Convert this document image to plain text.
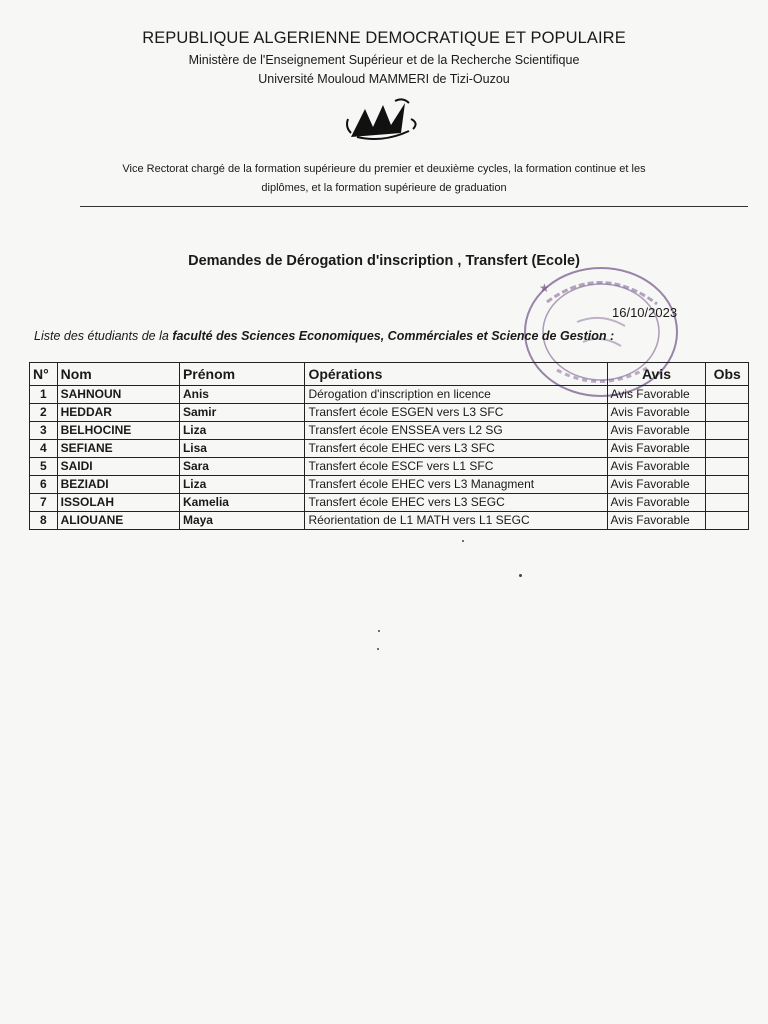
REPUBLIQUE ALGERIENNE DEMOCRATIQUE ET POPULAIRE
Ministère de l'Enseignement Supérieur et de la Recherche Scientifique
Université Mouloud MAMMERI de Tizi-Ouzou
Vice Rectorat chargé de la formation supérieure du premier et deuxième cycles, la formation continue et les
diplômes, et la formation supérieure de graduation
Demandes de Dérogation d'inscription , Transfert (Ecole)
★
16/10/2023
Liste des étudiants de la faculté des Sciences Economiques, Commérciales et Science de Gestion :
N°	Nom	Prénom	Opérations	Avis	Obs
1	SAHNOUN	Anis	Dérogation d'inscription en licence	Avis Favorable	
2	HEDDAR	Samir	Transfert école ESGEN vers L3 SFC	Avis Favorable	
3	BELHOCINE	Liza	Transfert école ENSSEA vers L2 SG	Avis Favorable	
4	SEFIANE	Lisa	Transfert école EHEC vers L3 SFC	Avis Favorable	
5	SAIDI	Sara	Transfert école ESCF vers L1 SFC	Avis Favorable	
6	BEZIADI	Liza	Transfert école EHEC vers L3 Managment	Avis Favorable	
7	ISSOLAH	Kamelia	Transfert école EHEC vers L3 SEGC	Avis Favorable	
8	ALIOUANE	Maya	Réorientation de L1 MATH vers L1 SEGC	Avis Favorable	
